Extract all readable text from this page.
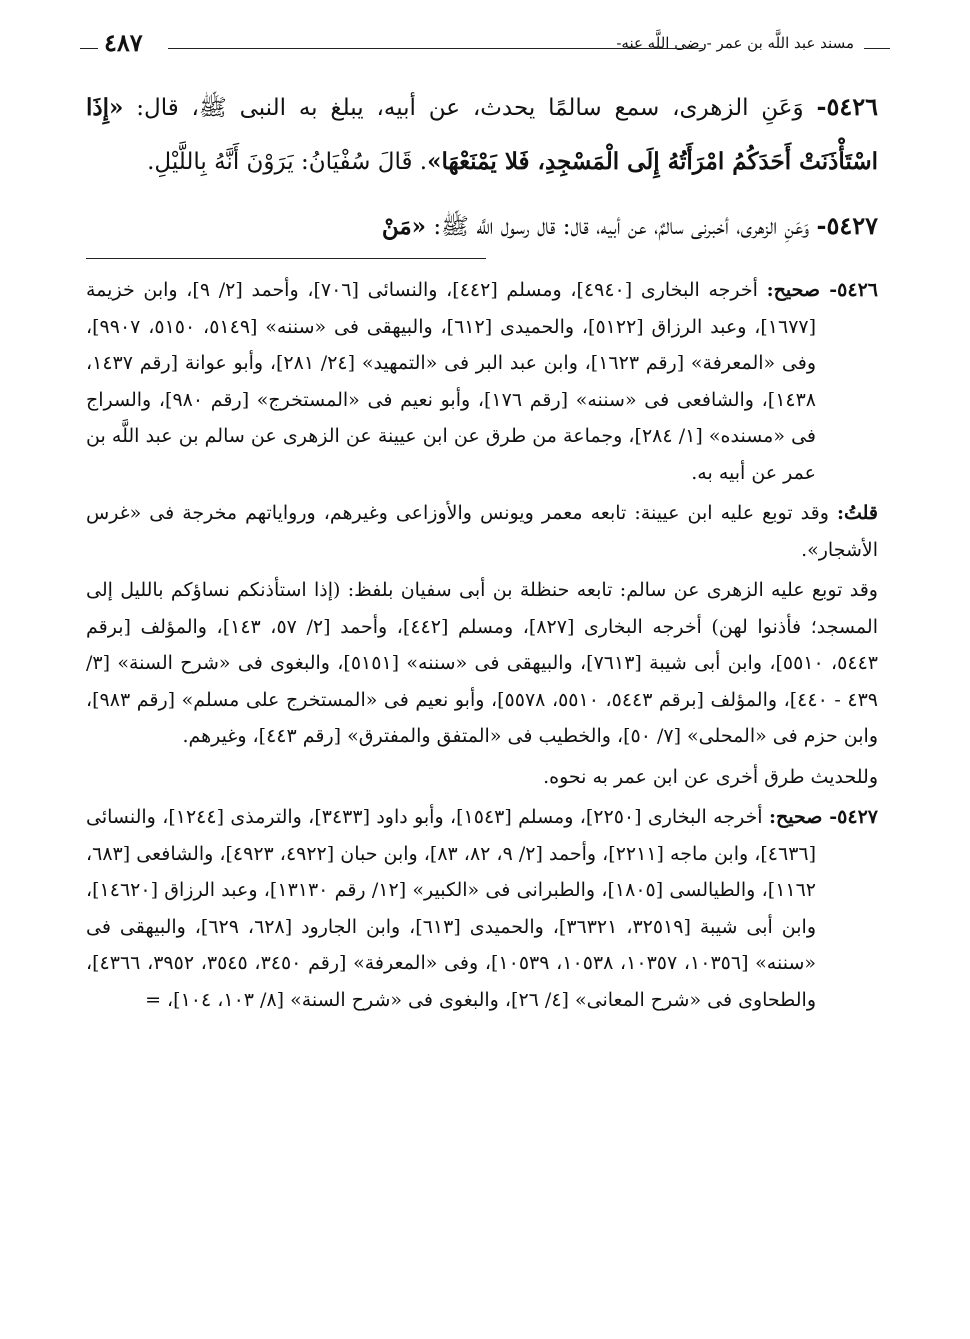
مسند عبد اللَّه بن عمر -رضى اللَّه عنه-
٤٨٧

٥٤٢٦- وَعَنِ الزهرى، سمع سالمًا يحدث، عن أبيه، يبلغ به النبى ﷺ، قال: «إِذَا اسْتَأْذَنَتْ أَحَدَكُمُ امْرَأَتُهُ إِلَى الْمَسْجِدِ، فَلا يَمْنَعْهَا». قَالَ سُفْيَانُ: يَرَوْنَ أَنَّهُ بِاللَّيْلِ.

٥٤٢٧- وَعَنِ الزهرى، أخبرنى سالمٌ، عن أبيه، قال: قال رسول اللَّه ﷺ: «مَنْ

٥٤٢٦- صحيح: أخرجه البخارى [٤٩٤٠]، ومسلم [٤٤٢]، والنسائى [٧٠٦]، وأحمد [٢/ ٩]، وابن خزيمة [١٦٧٧]، وعبد الرزاق [٥١٢٢]، والحميدى [٦١٢]، والبيهقى فى «سننه» [٥١٤٩، ٥١٥٠، ٩٩٠٧]، وفى «المعرفة» [رقم ١٦٢٣]، وابن عبد البر فى «التمهيد» [٢٤/ ٢٨١]، وأبو عوانة [رقم ١٤٣٧، ١٤٣٨]، والشافعى فى «سننه» [رقم ١٧٦]، وأبو نعيم فى «المستخرج» [رقم ٩٨٠]، والسراج فى «مسنده» [١/ ٢٨٤]، وجماعة من طرق عن ابن عيينة عن الزهرى عن سالم بن عبد اللَّه بن عمر عن أبيه به.

قلتُ: وقد توبع عليه ابن عيينة: تابعه معمر ويونس والأوزاعى وغيرهم، ورواياتهم مخرجة فى «غرس الأشجار».

وقد توبع عليه الزهرى عن سالم: تابعه حنظلة بن أبى سفيان بلفظ: (إذا استأذنكم نساؤكم بالليل إلى المسجد؛ فأذنوا لهن) أخرجه البخارى [٨٢٧]، ومسلم [٤٤٢]، وأحمد [٢/ ٥٧، ١٤٣]، والمؤلف [برقم ٥٤٤٣، ٥٥١٠]، وابن أبى شيبة [٧٦١٣]، والبيهقى فى «سننه» [٥١٥١]، والبغوى فى «شرح السنة» [٣/ ٤٣٩ - ٤٤٠]، والمؤلف [برقم ٥٤٤٣، ٥٥١٠، ٥٥٧٨]، وأبو نعيم فى «المستخرج على مسلم» [رقم ٩٨٣]، وابن حزم فى «المحلى» [٧/ ٥٠]، والخطيب فى «المتفق والمفترق» [رقم ٤٤٣]، وغيرهم.

وللحديث طرق أخرى عن ابن عمر به نحوه.

٥٤٢٧- صحيح: أخرجه البخارى [٢٢٥٠]، ومسلم [١٥٤٣]، وأبو داود [٣٤٣٣]، والترمذى [١٢٤٤]، والنسائى [٤٦٣٦]، وابن ماجه [٢٢١١]، وأحمد [٢/ ٩، ٨٢، ٨٣]، وابن حبان [٤٩٢٢، ٤٩٢٣]، والشافعى [٦٨٣، ١١٦٢]، والطيالسى [١٨٠٥]، والطبرانى فى «الكبير» [١٢/ رقم ١٣١٣٠]، وعبد الرزاق [١٤٦٢٠]، وابن أبى شيبة [٣٢٥١٩، ٣٦٣٢١]، والحميدى [٦١٣]، وابن الجارود [٦٢٨، ٦٢٩]، والبيهقى فى «سننه» [١٠٣٥٦، ١٠٣٥٧، ١٠٥٣٨، ١٠٥٣٩]، وفى «المعرفة» [رقم ٣٤٥٠، ٣٥٤٥، ٣٩٥٢، ٤٣٦٦]، والطحاوى فى «شرح المعانى» [٤/ ٢٦]، والبغوى فى «شرح السنة» [٨/ ١٠٣، ١٠٤]، =
